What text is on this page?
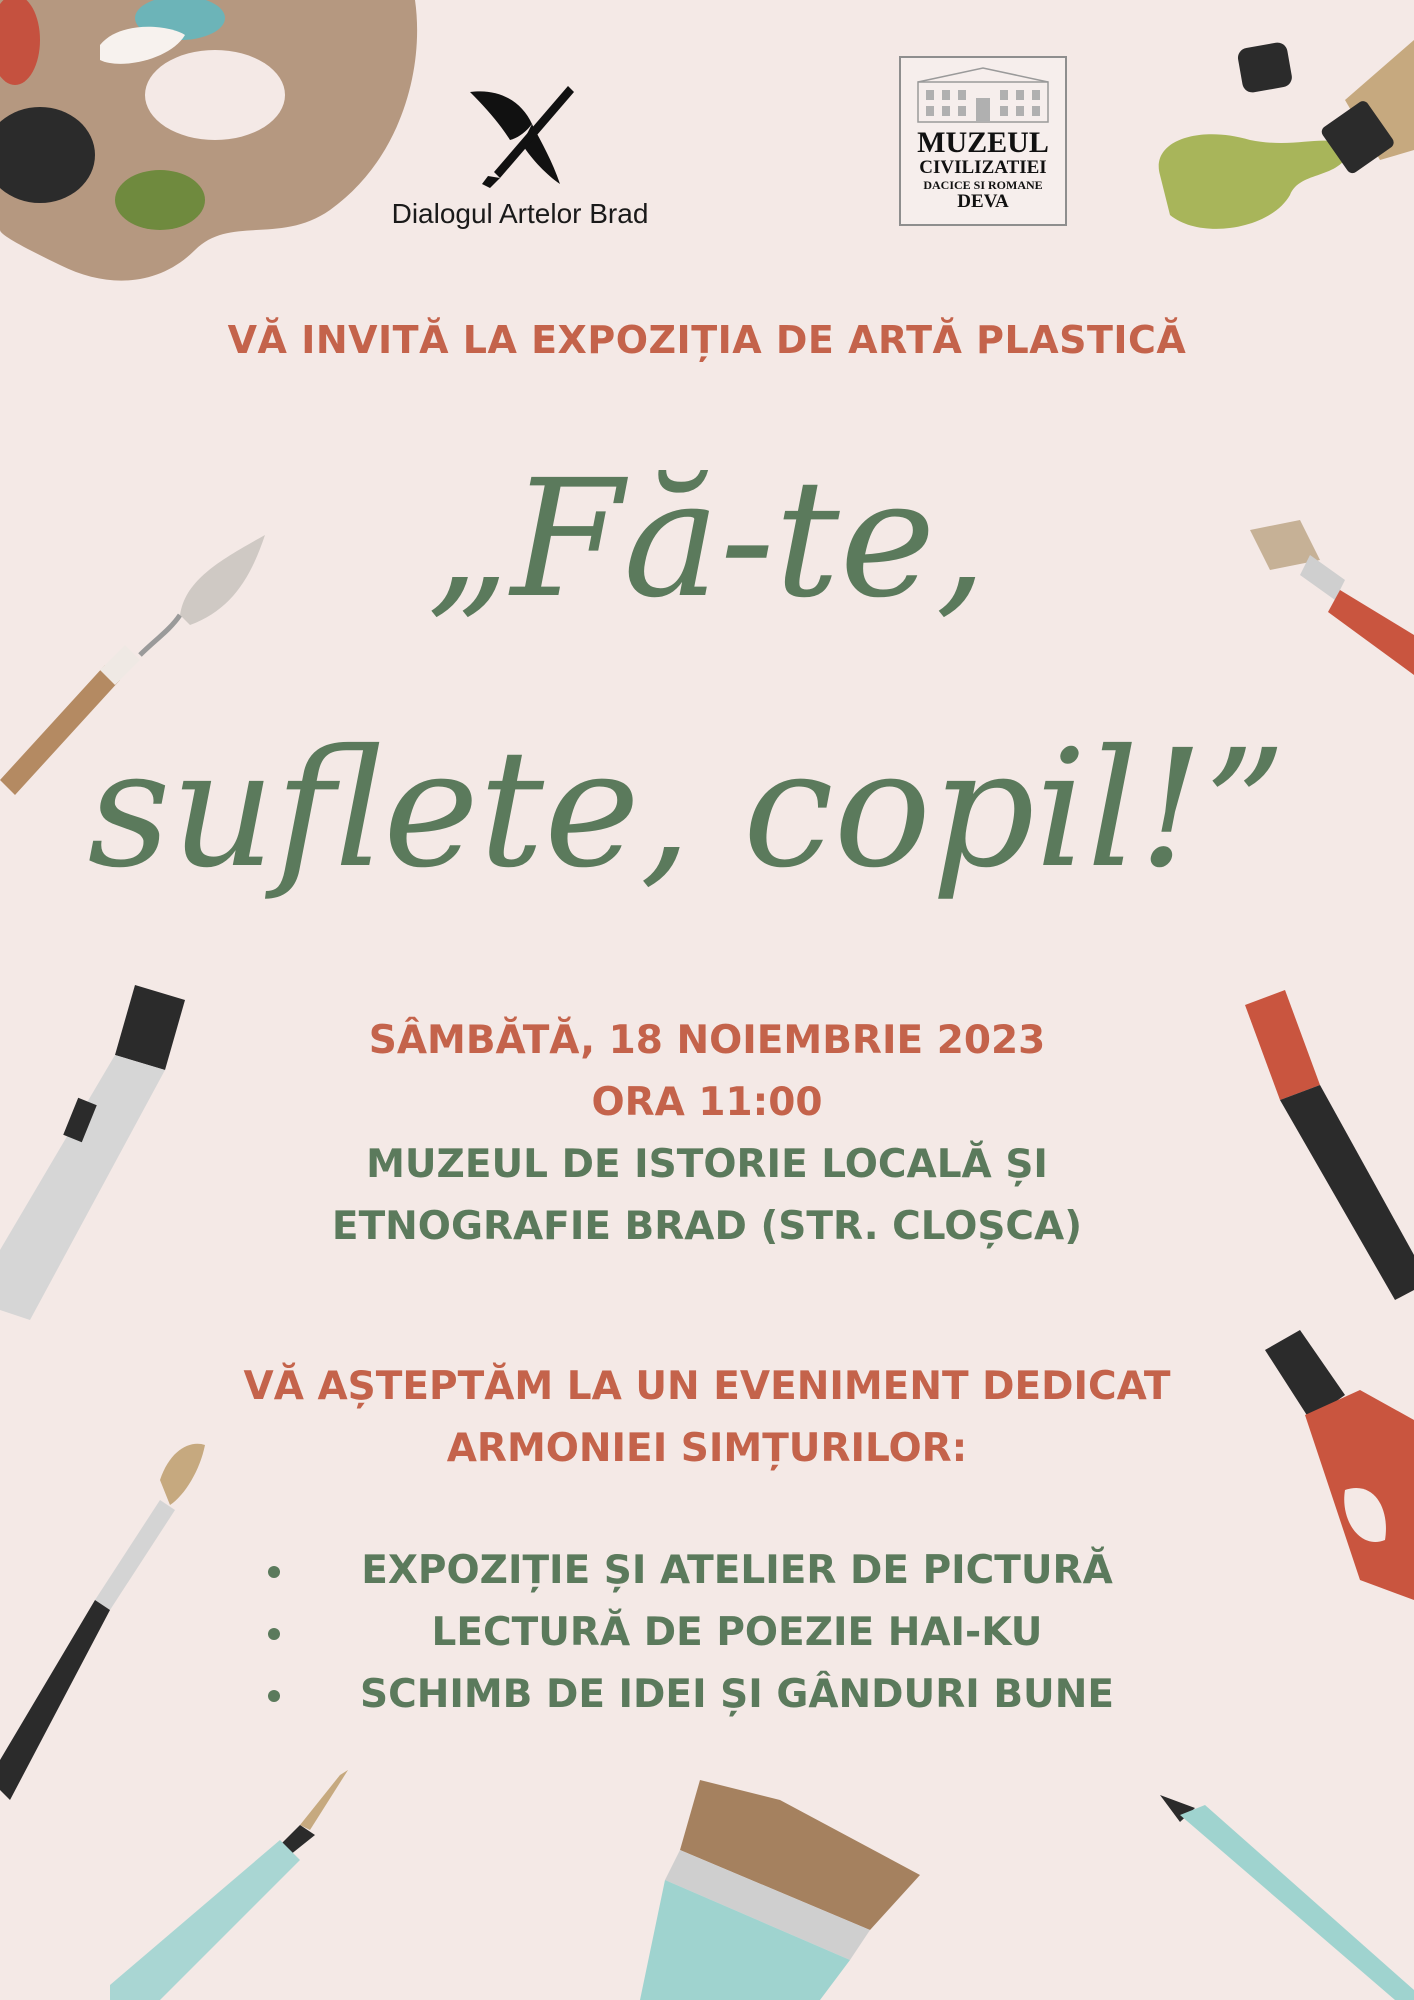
Dialogul Artelor Brad
MUZEUL
CIVILIZATIEI
DACICE SI ROMANE
DEVA
VĂ INVITĂ LA EXPOZIȚIA DE ARTĂ PLASTICĂ
„Fă-te,
suflete, copil!”
SÂMBĂTĂ, 18 NOIEMBRIE 2023
ORA 11:00
MUZEUL DE ISTORIE LOCALĂ ȘI
ETNOGRAFIE BRAD (STR. CLOȘCA)
VĂ AȘTEPTĂM LA UN EVENIMENT DEDICAT
ARMONIEI SIMȚURILOR:
EXPOZIȚIE ȘI ATELIER DE PICTURĂ
LECTURĂ DE POEZIE HAI-KU
SCHIMB DE IDEI ȘI GÂNDURI BUNE
